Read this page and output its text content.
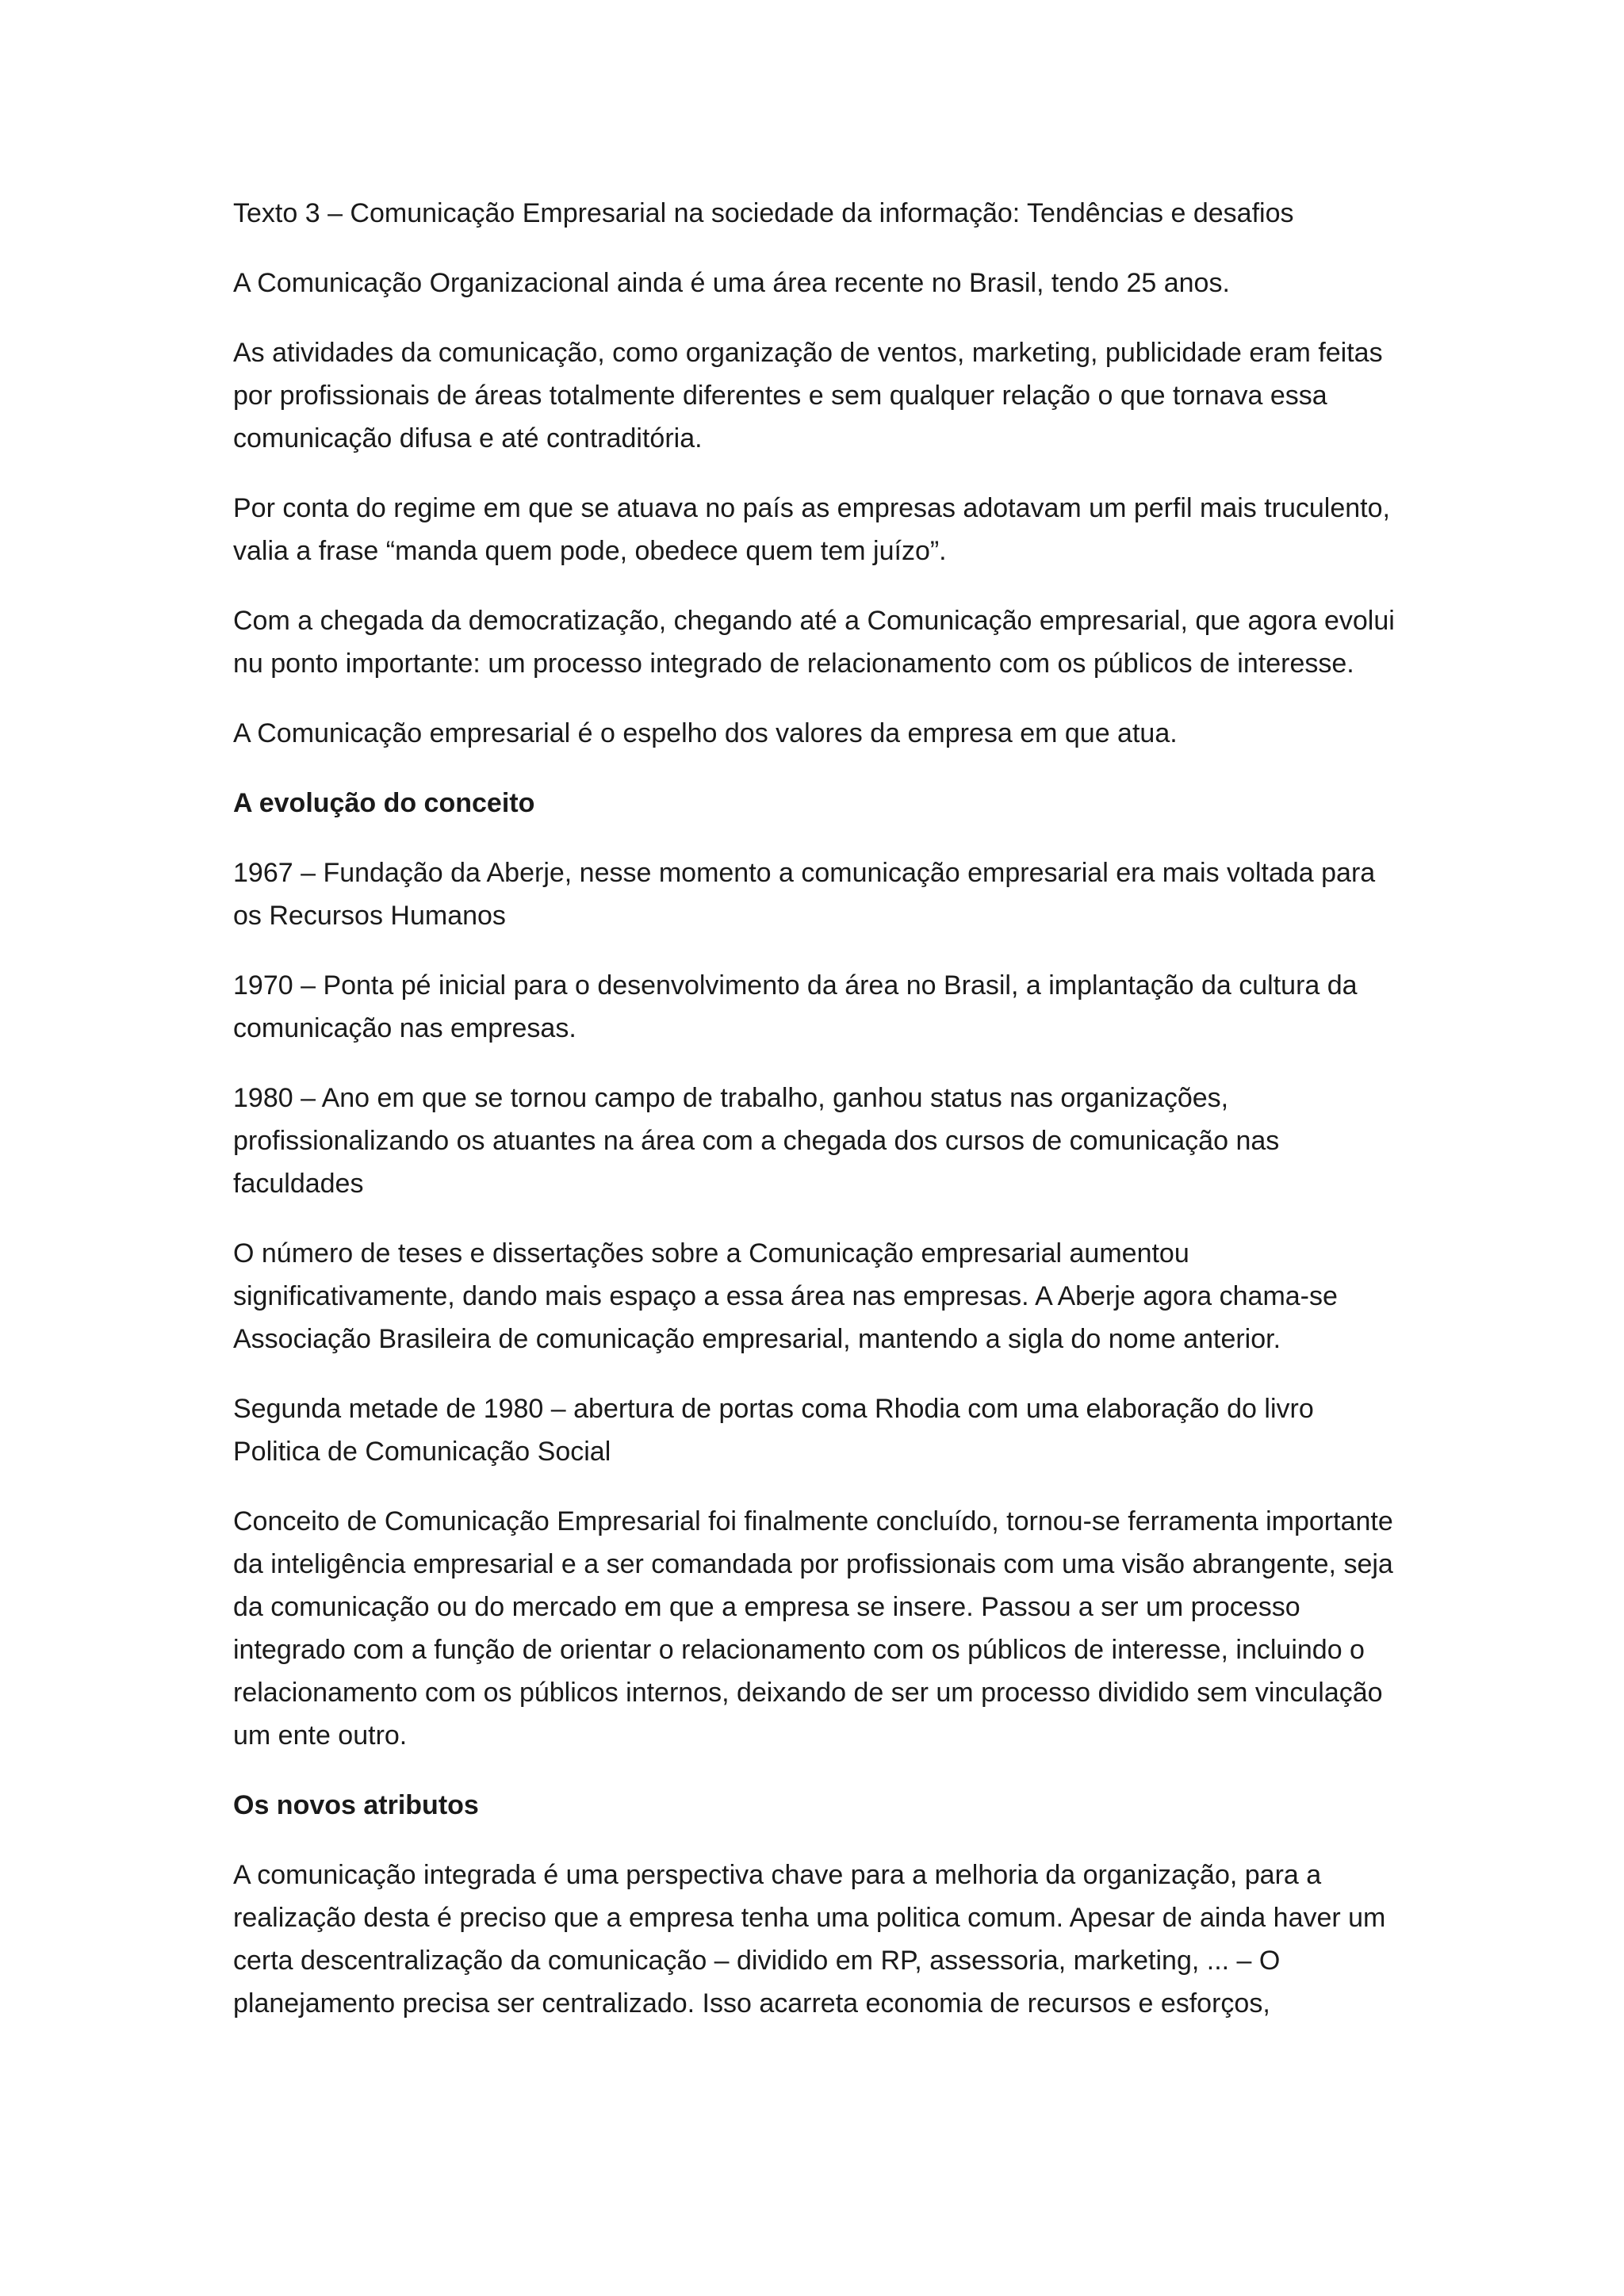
Texto 3 – Comunicação Empresarial na sociedade da informação: Tendências e desafios

A Comunicação Organizacional ainda é uma área recente no Brasil, tendo 25 anos.

As atividades da comunicação, como organização de ventos, marketing, publicidade eram feitas por profissionais de áreas totalmente diferentes e sem qualquer relação o que tornava essa comunicação difusa e até contraditória.

Por conta do regime em que se atuava no país as empresas adotavam um perfil mais truculento, valia a frase “manda quem pode, obedece quem tem juízo”.

Com a chegada da democratização, chegando até a Comunicação empresarial, que agora evolui nu ponto importante: um processo integrado de relacionamento com os públicos de interesse.

A Comunicação empresarial é o espelho dos valores da empresa em que atua.

A evolução do conceito

1967 – Fundação da Aberje, nesse momento a comunicação empresarial era mais voltada para os Recursos Humanos

1970 – Ponta pé inicial para o desenvolvimento da área no Brasil, a implantação da cultura da comunicação nas empresas.

1980 – Ano em que se tornou campo de trabalho, ganhou status nas organizações, profissionalizando os atuantes na área com a chegada dos cursos de comunicação nas faculdades

O número de teses e dissertações sobre a Comunicação empresarial aumentou significativamente, dando mais espaço a essa área nas empresas. A Aberje agora chama-se Associação Brasileira de comunicação empresarial, mantendo a sigla do nome anterior.

Segunda metade de 1980 – abertura de portas coma Rhodia com uma elaboração do livro Politica de Comunicação Social

Conceito de Comunicação Empresarial foi finalmente concluído, tornou-se ferramenta importante da inteligência empresarial e a ser comandada por profissionais com uma visão abrangente, seja da comunicação ou do mercado em que a empresa se insere. Passou a ser um processo integrado com a função de orientar o relacionamento com os públicos de interesse, incluindo o relacionamento com os públicos internos, deixando de ser um processo dividido sem vinculação um ente outro.

Os novos atributos

A comunicação integrada é uma perspectiva chave para a melhoria da organização, para a realização desta é preciso que a empresa tenha uma politica comum. Apesar de ainda haver um certa descentralização da comunicação – dividido em RP, assessoria, marketing, ... – O planejamento precisa ser centralizado. Isso acarreta economia de recursos e esforços,
